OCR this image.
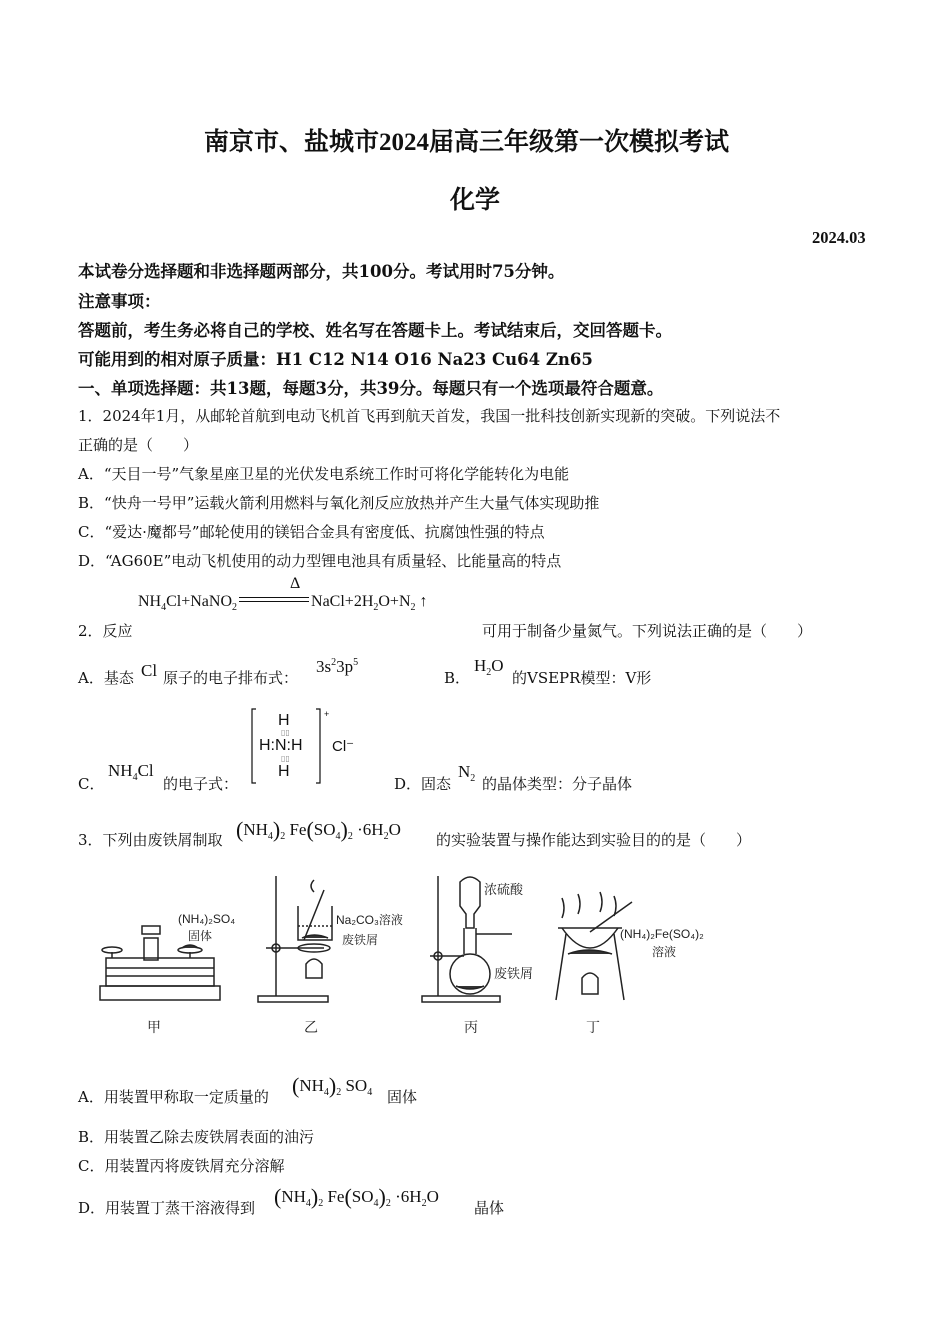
南京市、盐城市2024届高三年级第一次模拟考试
化学
2024.03
本试卷分选择题和非选择题两部分，共100分。考试用时75分钟。
注意事项：
答题前，考生务必将自己的学校、姓名写在答题卡上。考试结束后，交回答题卡。
可能用到的相对原子质量：H1 C12 N14 O16 Na23 Cu64 Zn65
一、单项选择题：共13题，每题3分，共39分。每题只有一个选项最符合题意。
1．2024年1月，从邮轮首航到电动飞机首飞再到航天首发，我国一批科技创新实现新的突破。下列说法不
正确的是（　　）
A．“天目一号”气象星座卫星的光伏发电系统工作时可将化学能转化为电能
B．“快舟一号甲”运载火箭利用燃料与氧化剂反应放热并产生大量气体实现助推
C．“爱达·魔都号”邮轮使用的镁铝合金具有密度低、抗腐蚀性强的特点
D．“AG60E”电动飞机使用的动力型锂电池具有质量轻、比能量高的特点
$NH_4Cl+NaNO_2$	$NaCl+2H_2O+N_2$ ↑
Δ
2．反应	可用于制备少量氮气。下列说法正确的是（　　）
A．基态 Cl 原子的电子排布式：
$3s^23p^5$
B．
$H_2O$
的VSEPR模型：V形
C．
$NH_4Cl$
的电子式：
+
H
H:N:H
H
▯▯
▯▯
Cl⁻
D．固态
$N_2$ 的晶体类型：分子晶体
3．下列由废铁屑制取 $(NH_4)_2$ $Fe(SO_4)_2 \cdot 6H_2O$
的实验装置与操作能达到实验目的的是（　　）
(NH₄)₂SO₄
固体
甲
Na₂CO₃溶液
废铁屑
乙
浓硫酸
废铁屑
丙
(NH₄)₂Fe(SO₄)₂
溶液
丁
A．用装置甲称取一定质量的 $(NH_4)_2$ $SO_4$ 固体
B．用装置乙除去废铁屑表面的油污
C．用装置丙将废铁屑充分溶解
D．用装置丁蒸干溶液得到 $(NH_4)_2$ $Fe(SO_4)_2 \cdot 6H_2O$
晶体
